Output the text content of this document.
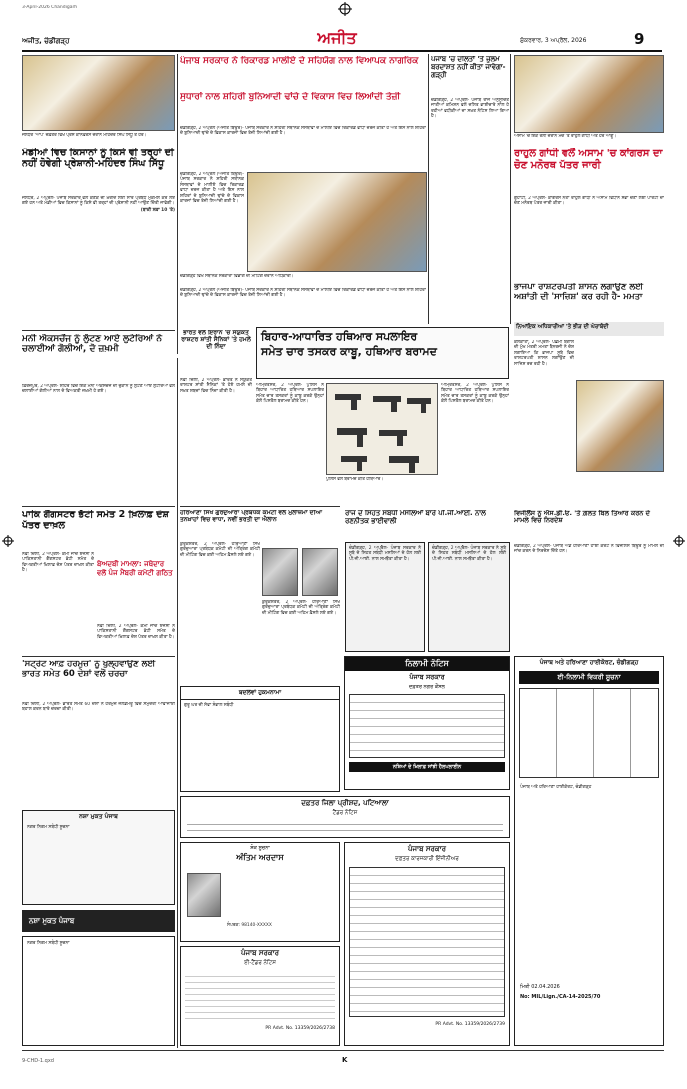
3-April-2026 Chandigarh
ਅਜੀਤ, ਚੰਡੀਗੜ੍ਹ	ਅਜੀਤ	ਸ਼ੁੱਕਰਵਾਰ, 3 ਅਪ੍ਰੈਲ, 2026	9
ਜਲੰਧਰ 'ਆਪ' ਦਫ਼ਤਰ ਵਿਖੇ ਪ੍ਰੈੱਸ ਕਾਨਫ਼ਰੰਸ ਦੌਰਾਨ ਮਹਿੰਦਰ ਸਿੰਘ ਸਿੱਧੂ ਤੇ ਹੋਰ।
ਮੰਡੀਆਂ ਵਿਚ ਕਿਸਾਨਾਂ ਨੂੰ ਕਿਸੇ ਵੀ ਤਰ੍ਹਾਂ ਦੀ ਨਹੀਂ ਹੋਵੇਗੀ ਪ੍ਰੇਸ਼ਾਨੀ-ਮਹਿੰਦਰ ਸਿੰਘ ਸਿੱਧੂ

ਜਲੰਧਰ, 2 ਅਪ੍ਰੈਲ- ਪੰਜਾਬ ਸਰਕਾਰ ਵਲੋਂ ਕਣਕ ਦੀ ਖ਼ਰੀਦ ਲਈ ਸਾਰੇ ਪ੍ਰਬੰਧ ਮੁਕੰਮਲ ਕਰ ਲਏ ਗਏ ਹਨ ਅਤੇ ਮੰਡੀਆਂ ਵਿਚ ਕਿਸਾਨਾਂ ਨੂੰ ਕਿਸੇ ਵੀ ਤਰ੍ਹਾਂ ਦੀ ਪ੍ਰੇਸ਼ਾਨੀ ਨਹੀਂ ਆਉਣ ਦਿੱਤੀ ਜਾਵੇਗੀ।

(ਬਾਕੀ ਸਫ਼ਾ 10 'ਤੇ)

ਪੰਜਾਬ ਸਰਕਾਰ ਨੇ ਰਿਕਾਰਡ ਮਾਲੀਏ ਦੇ ਸਹਿਯੋਗ ਨਾਲ ਵਿਆਪਕ ਨਾਗਰਿਕ
ਸੁਧਾਰਾਂ ਨਾਲ ਸ਼ਹਿਰੀ ਬੁਨਿਆਦੀ ਢਾਂਚੇ ਦੇ ਵਿਕਾਸ ਵਿਚ ਲਿਆਂਦੀ ਤੇਜ਼ੀ
ਚੰਡੀਗੜ੍ਹ, 2 ਅਪ੍ਰੈਲ (ਅਜੀਤ ਬਿਊਰੋ)- ਪੰਜਾਬ ਸਰਕਾਰ ਨੇ ਸ਼ਹਿਰੀ ਸਥਾਨਕ ਸੰਸਥਾਵਾਂ ਦੇ ਮਾਲੀਏ ਵਿਚ ਰਿਕਾਰਡ ਵਾਧਾ ਦਰਜ ਕੀਤਾ ਹੈ ਅਤੇ ਇਸ ਨਾਲ ਸ਼ਹਿਰਾਂ ਦੇ ਬੁਨਿਆਦੀ ਢਾਂਚੇ ਦੇ ਵਿਕਾਸ ਕਾਰਜਾਂ ਵਿਚ ਤੇਜ਼ੀ ਲਿਆਂਦੀ ਗਈ ਹੈ।
ਚੰਡੀਗੜ੍ਹ, 2 ਅਪ੍ਰੈਲ (ਅਜੀਤ ਬਿਊਰੋ)- ਪੰਜਾਬ ਸਰਕਾਰ ਨੇ ਸ਼ਹਿਰੀ ਸਥਾਨਕ ਸੰਸਥਾਵਾਂ ਦੇ ਮਾਲੀਏ ਵਿਚ ਰਿਕਾਰਡ ਵਾਧਾ ਦਰਜ ਕੀਤਾ ਹੈ ਅਤੇ ਇਸ ਨਾਲ ਸ਼ਹਿਰਾਂ ਦੇ ਬੁਨਿਆਦੀ ਢਾਂਚੇ ਦੇ ਵਿਕਾਸ ਕਾਰਜਾਂ ਵਿਚ ਤੇਜ਼ੀ ਲਿਆਂਦੀ ਗਈ ਹੈ।
ਚੰਡੀਗੜ੍ਹ ਵਿਖੇ ਸਥਾਨਕ ਸਰਕਾਰਾਂ ਵਿਭਾਗ ਦੀ ਮੀਟਿੰਗ ਦੌਰਾਨ ਅਧਿਕਾਰੀ।
ਚੰਡੀਗੜ੍ਹ, 2 ਅਪ੍ਰੈਲ (ਅਜੀਤ ਬਿਊਰੋ)- ਪੰਜਾਬ ਸਰਕਾਰ ਨੇ ਸ਼ਹਿਰੀ ਸਥਾਨਕ ਸੰਸਥਾਵਾਂ ਦੇ ਮਾਲੀਏ ਵਿਚ ਰਿਕਾਰਡ ਵਾਧਾ ਦਰਜ ਕੀਤਾ ਹੈ ਅਤੇ ਇਸ ਨਾਲ ਸ਼ਹਿਰਾਂ ਦੇ ਬੁਨਿਆਦੀ ਢਾਂਚੇ ਦੇ ਵਿਕਾਸ ਕਾਰਜਾਂ ਵਿਚ ਤੇਜ਼ੀ ਲਿਆਂਦੀ ਗਈ ਹੈ।
ਪੰਜਾਬ 'ਚ ਦਲਿਤਾਂ 'ਤੇ ਜ਼ੁਲਮ ਬਰਦਾਸ਼ਤ ਨਹੀਂ ਕੀਤਾ ਜਾਵੇਗਾ-ਗੜ੍ਹੀ
ਚੰਡੀਗੜ੍ਹ, 2 ਅਪ੍ਰੈਲ- ਪੰਜਾਬ ਰਾਜ ਅਨੁਸੂਚਿਤ ਜਾਤੀਆਂ ਕਮਿਸ਼ਨ ਵਲੋਂ ਦਲਿਤ ਭਾਈਚਾਰੇ ਨਾਲ ਹੋ ਰਹੀਆਂ ਵਧੀਕੀਆਂ ਦਾ ਸਖ਼ਤ ਨੋਟਿਸ ਲਿਆ ਗਿਆ ਹੈ।
ਅਸਾਮ 'ਚ ਇਕ ਰੈਲੀ ਦੌਰਾਨ ਮੰਚ 'ਤੇ ਰਾਹੁਲ ਗਾਂਧੀ ਅਤੇ ਹੋਰ ਆਗੂ।
ਰਾਹੁਲ ਗਾਂਧੀ ਵਲੋਂ ਅਸਾਮ 'ਚ ਕਾਂਗਰਸ ਦਾ ਚੋਣ ਮਨੋਰਥ ਪੱਤਰ ਜਾਰੀ
ਗੁਹਾਟੀ, 2 ਅਪ੍ਰੈਲ- ਕਾਂਗਰਸ ਨੇਤਾ ਰਾਹੁਲ ਗਾਂਧੀ ਨੇ ਅਸਾਮ ਵਿਧਾਨ ਸਭਾ ਚੋਣਾਂ ਲਈ ਪਾਰਟੀ ਦਾ ਚੋਣ ਮਨੋਰਥ ਪੱਤਰ ਜਾਰੀ ਕੀਤਾ।
ਭਾਜਪਾ ਰਾਸ਼ਟਰਪਤੀ ਸ਼ਾਸਨ ਲਗਾਉਣ ਲਈ ਅਸ਼ਾਂਤੀ ਦੀ 'ਸਾਜ਼ਿਸ਼' ਕਰ ਰਹੀ ਹੈ- ਮਮਤਾ
ਨਿਆਂਇਕ ਅਧਿਕਾਰੀਆਂ 'ਤੇ ਭੀੜ ਦੀ ਘੇਰਾਬੰਦੀ
ਕੋਲਕਾਤਾ, 2 ਅਪ੍ਰੈਲ- ਪੱਛਮੀ ਬੰਗਾਲ ਦੀ ਮੁੱਖ ਮੰਤਰੀ ਮਮਤਾ ਬੈਨਰਜੀ ਨੇ ਦੋਸ਼ ਲਗਾਇਆ ਕਿ ਭਾਜਪਾ ਸੂਬੇ ਵਿਚ ਰਾਸ਼ਟਰਪਤੀ ਸ਼ਾਸਨ ਲਗਾਉਣ ਦੀ ਸਾਜ਼ਿਸ਼ ਰਚ ਰਹੀ ਹੈ।
ਮਨੀ ਐਕਸਚੇਂਜ ਨੂੰ ਲੁੱਟਣ ਆਏ ਲੁਟੇਰਿਆਂ ਨੇ ਚਲਾਈਆਂ ਗੋਲੀਆਂ, ਦੋ ਜ਼ਖ਼ਮੀ
ਫ਼ਿਰੋਜ਼ਪੁਰ, 2 ਅਪ੍ਰੈਲ- ਸ਼ਹਿਰ ਵਿਚ ਇਕ ਮਨੀ ਐਕਸਚੇਂਜ ਦੀ ਦੁਕਾਨ ਨੂੰ ਲੁੱਟਣ ਆਏ ਲੁਟੇਰਿਆਂ ਵਲੋਂ ਚਲਾਈਆਂ ਗੋਲੀਆਂ ਨਾਲ ਦੋ ਵਿਅਕਤੀ ਜ਼ਖ਼ਮੀ ਹੋ ਗਏ।
ਭਾਰਤ ਵਲੋਂ ਇਰਾਨ 'ਚ ਸੰਯੁਕਤ ਰਾਸ਼ਟਰ ਸ਼ਾਂਤੀ ਸੈਨਿਕਾਂ 'ਤੇ ਹਮਲੇ ਦੀ ਨਿੰਦਾ
ਨਵੀਂ ਦਿੱਲੀ, 2 ਅਪ੍ਰੈਲ- ਭਾਰਤ ਨੇ ਸੰਯੁਕਤ ਰਾਸ਼ਟਰ ਸ਼ਾਂਤੀ ਸੈਨਿਕਾਂ 'ਤੇ ਹੋਏ ਹਮਲੇ ਦੀ ਸਖ਼ਤ ਸ਼ਬਦਾਂ ਵਿਚ ਨਿੰਦਾ ਕੀਤੀ ਹੈ।
ਬਿਹਾਰ-ਆਧਾਰਿਤ ਹਥਿਆਰ ਸਪਲਾਇਰ
ਸਮੇਤ ਚਾਰ ਤਸਕਰ ਕਾਬੂ, ਹਥਿਆਰ ਬਰਾਮਦ
ਅੰਮ੍ਰਿਤਸਰ, 2 ਅਪ੍ਰੈਲ- ਪੁਲਿਸ ਨੇ ਬਿਹਾਰ ਆਧਾਰਿਤ ਹਥਿਆਰ ਸਪਲਾਇਰ ਸਮੇਤ ਚਾਰ ਤਸਕਰਾਂ ਨੂੰ ਕਾਬੂ ਕਰਕੇ ਉਨ੍ਹਾਂ ਕੋਲੋਂ ਪਿਸਤੌਲ ਬਰਾਮਦ ਕੀਤੇ ਹਨ।
ਪੁਲਿਸ ਵਲੋਂ ਬਰਾਮਦ ਕੀਤੇ ਹਥਿਆਰ।
ਅੰਮ੍ਰਿਤਸਰ, 2 ਅਪ੍ਰੈਲ- ਪੁਲਿਸ ਨੇ ਬਿਹਾਰ ਆਧਾਰਿਤ ਹਥਿਆਰ ਸਪਲਾਇਰ ਸਮੇਤ ਚਾਰ ਤਸਕਰਾਂ ਨੂੰ ਕਾਬੂ ਕਰਕੇ ਉਨ੍ਹਾਂ ਕੋਲੋਂ ਪਿਸਤੌਲ ਬਰਾਮਦ ਕੀਤੇ ਹਨ।
ਪਾਕਿ ਗੈਂਗਸਟਰ ਭੱਟੀ ਸਮੇਤ 2 ਖ਼ਿਲਾਫ਼ ਦੋਸ਼ ਪੱਤਰ ਦਾਖ਼ਲ
ਨਵੀਂ ਦਿੱਲੀ, 2 ਅਪ੍ਰੈਲ- ਕੌਮੀ ਜਾਂਚ ਏਜੰਸੀ ਨੇ ਪਾਕਿਸਤਾਨੀ ਗੈਂਗਸਟਰ ਭੱਟੀ ਸਮੇਤ ਦੋ ਵਿਅਕਤੀਆਂ ਖ਼ਿਲਾਫ਼ ਦੋਸ਼ ਪੱਤਰ ਦਾਖ਼ਲ ਕੀਤਾ ਹੈ।
ਬੇਅਦਬੀ ਮਾਮਲਾ: ਜਥੇਦਾਰ ਵਲੋਂ ਪੰਜ ਮੈਂਬਰੀ ਕਮੇਟੀ ਗਠਿਤ
ਨਵੀਂ ਦਿੱਲੀ, 2 ਅਪ੍ਰੈਲ- ਕੌਮੀ ਜਾਂਚ ਏਜੰਸੀ ਨੇ ਪਾਕਿਸਤਾਨੀ ਗੈਂਗਸਟਰ ਭੱਟੀ ਸਮੇਤ ਦੋ ਵਿਅਕਤੀਆਂ ਖ਼ਿਲਾਫ਼ ਦੋਸ਼ ਪੱਤਰ ਦਾਖ਼ਲ ਕੀਤਾ ਹੈ।
'ਸਟ੍ਰੇਟ ਆਫ਼ ਹੋਰਮੁਜ਼' ਨੂੰ ਖੁਲ੍ਹਵਾਉਣ ਲਈ ਭਾਰਤ ਸਮੇਤ 60 ਦੇਸ਼ਾਂ ਵਲੋਂ ਚਰਚਾ
ਨਵੀਂ ਦਿੱਲੀ, 2 ਅਪ੍ਰੈਲ- ਭਾਰਤ ਸਮੇਤ 60 ਦੇਸ਼ਾਂ ਨੇ ਹੋਰਮੁਜ਼ ਜਲਡਮਰੂ ਵਿਚ ਸਮੁੰਦਰੀ ਆਵਾਜਾਈ ਬਹਾਲ ਕਰਨ ਬਾਰੇ ਚਰਚਾ ਕੀਤੀ।
ਨਸ਼ਾ ਮੁਕਤ ਪੰਜਾਬ
ਨਗਰ ਨਿਗਮ ਸਬੰਧੀ ਸੂਚਨਾ
ਨਸ਼ਾ ਮੁਕਤ ਪੰਜਾਬ
ਨਗਰ ਨਿਗਮ ਸਬੰਧੀ ਸੂਚਨਾ
ਹਰਿਆਣਾ ਸਿੱਖ ਗੁਰਦੁਆਰਾ ਪ੍ਰਬੰਧਕ ਕਮੇਟੀ ਵਲੋਂ ਮੁਲਾਜ਼ਮਾਂ ਦੀਆਂ ਤਨਖ਼ਾਹਾਂ ਵਿਚ ਵਾਧਾ, ਨਵੀਂ ਭਰਤੀ ਦਾ ਐਲਾਨ
ਕੁਰੂਕਸ਼ੇਤਰ, 2 ਅਪ੍ਰੈਲ- ਹਰਿਆਣਾ ਸਿੱਖ ਗੁਰਦੁਆਰਾ ਪ੍ਰਬੰਧਕ ਕਮੇਟੀ ਦੀ ਅੰਤ੍ਰਿੰਗ ਕਮੇਟੀ ਦੀ ਮੀਟਿੰਗ ਵਿਚ ਕਈ ਅਹਿਮ ਫ਼ੈਸਲੇ ਲਏ ਗਏ।
ਕੁਰੂਕਸ਼ੇਤਰ, 2 ਅਪ੍ਰੈਲ- ਹਰਿਆਣਾ ਸਿੱਖ ਗੁਰਦੁਆਰਾ ਪ੍ਰਬੰਧਕ ਕਮੇਟੀ ਦੀ ਅੰਤ੍ਰਿੰਗ ਕਮੇਟੀ ਦੀ ਮੀਟਿੰਗ ਵਿਚ ਕਈ ਅਹਿਮ ਫ਼ੈਸਲੇ ਲਏ ਗਏ।
ਰਾਜ ਦੇ ਸਿਹਤ ਸਬੰਧੀ ਮਸਲਿਆਂ ਬਾਰੇ ਪੀ.ਜੀ.ਆਈ. ਨਾਲ ਰਣਨੀਤਕ ਭਾਈਵਾਲੀ
ਚੰਡੀਗੜ੍ਹ, 2 ਅਪ੍ਰੈਲ- ਪੰਜਾਬ ਸਰਕਾਰ ਨੇ ਸੂਬੇ ਦੇ ਸਿਹਤ ਸਬੰਧੀ ਮਸਲਿਆਂ ਦੇ ਹੱਲ ਲਈ ਪੀ.ਜੀ.ਆਈ. ਨਾਲ ਸਮਝੌਤਾ ਕੀਤਾ ਹੈ।
ਚੰਡੀਗੜ੍ਹ, 2 ਅਪ੍ਰੈਲ- ਪੰਜਾਬ ਸਰਕਾਰ ਨੇ ਸੂਬੇ ਦੇ ਸਿਹਤ ਸਬੰਧੀ ਮਸਲਿਆਂ ਦੇ ਹੱਲ ਲਈ ਪੀ.ਜੀ.ਆਈ. ਨਾਲ ਸਮਝੌਤਾ ਕੀਤਾ ਹੈ।
ਵਿਜੀਲੈਂਸ ਨੂੰ ਐਸ.ਡੀ.ਓ. 'ਤੇ ਗ਼ਲਤ ਬਿਲ ਤਿਆਰ ਕਰਨ ਦੇ ਮਾਮਲੇ ਵਿਚ ਨਿਰਦੇਸ਼
ਚੰਡੀਗੜ੍ਹ, 2 ਅਪ੍ਰੈਲ- ਪੰਜਾਬ ਐਂਡ ਹਰਿਆਣਾ ਹਾਈ ਕੋਰਟ ਨੇ ਵਿਜੀਲੈਂਸ ਬਿਊਰੋ ਨੂੰ ਮਾਮਲੇ ਦੀ ਜਾਂਚ ਕਰਨ ਦੇ ਨਿਰਦੇਸ਼ ਦਿੱਤੇ ਹਨ।
ਬਦਲਵਾਂ ਹੁਕਮਨਾਮਾ
ਗੁਰੂ ਘਰ ਦੀ ਸੇਵਾ ਸੰਭਾਲ ਸਬੰਧੀ
ਨਿਲਾਮੀ ਨੋਟਿਸ
ਪੰਜਾਬ ਸਰਕਾਰ
ਦਫ਼ਤਰ ਨਗਰ ਕੌਂਸਲ
ਨਸ਼ਿਆਂ ਦੇ ਖ਼ਿਲਾਫ਼ ਸਾਂਝੀ ਹੈਲਪਲਾਈਨ
ਪੰਜਾਬ ਅਤੇ ਹਰਿਆਣਾ ਹਾਈਕੋਰਟ, ਚੰਡੀਗੜ੍ਹ
ਈ-ਨਿਲਾਮੀ ਵਿਕਰੀ ਸੂਚਨਾ
ਪੰਜਾਬ ਅਤੇ ਹਰਿਆਣਾ ਹਾਈਕੋਰਟ, ਚੰਡੀਗੜ੍ਹ
ਮਿਤੀ 02.04.2026
No: MIL/Lign./CA-14-2025/70
ਦਫ਼ਤਰ ਜਿਲਾ ਪ੍ਰੀਸ਼ਦ, ਪਟਿਆਲਾ
ਟੈਂਡਰ ਨੋਟਿਸ
ਸ਼ੋਕ ਸੂਚਨਾ
ਅੰਤਿਮ ਅਰਦਾਸ
ਸੰਪਰਕ: 98140-XXXXX
ਪੰਜਾਬ ਸਰਕਾਰ
ਈ-ਟੈਂਡਰ ਨੋਟਿਸ
PR Advt. No. 13359/2026/2738
ਪੰਜਾਬ ਸਰਕਾਰ
ਦਫ਼ਤਰ ਕਾਰਜਕਾਰੀ ਇੰਜੀਨੀਅਰ
PR Advt. No. 13359/2026/2739
9-CHD-1.qxd	K
